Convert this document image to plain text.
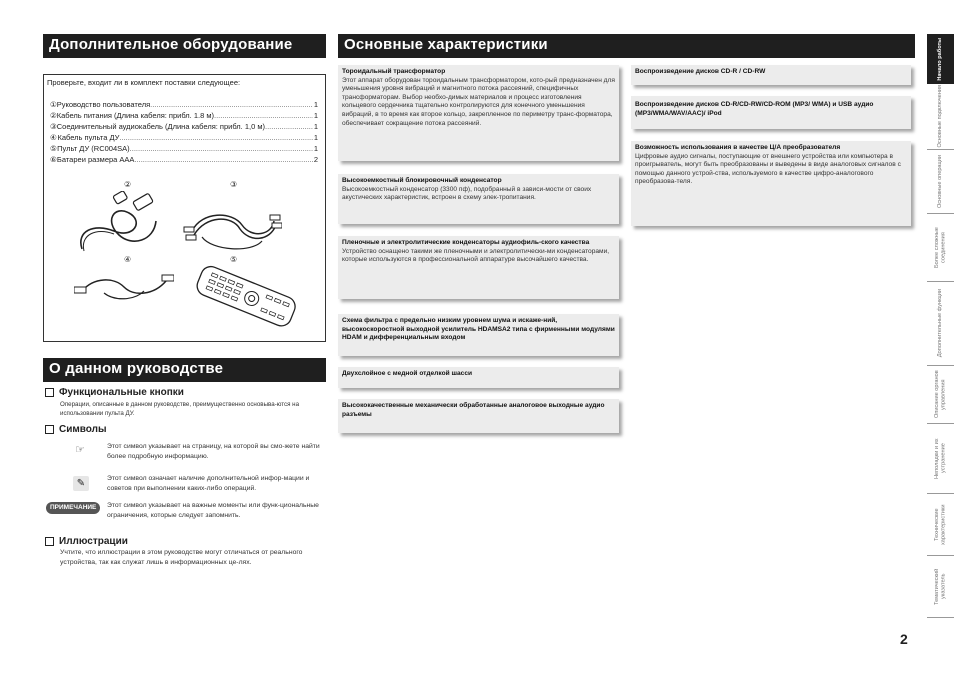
Дополнительное оборудование
Проверьте, входит ли в комплект поставки следующее:
① Руководство пользователя .....	1
② Кабель питания (Длина кабеля: прибл. 1.8 м) .....	1
③ Соединительный аудиокабель (Длина кабеля: прибл. 1,0 м) .....	1
④ Кабель пульта ДУ .....	1
⑤ Пульт ДУ (RC004SA) .....	1
⑥ Батареи размера AAA .....	2
②	③
④	⑤
О данном руководстве
Функциональные кнопки
Операции, описанные в данном руководстве, преимущественно основыва-ются на использовании пульта ДУ.
Символы
☞	Этот символ указывает на страницу, на которой вы смо-жете найти более подробную информацию.
✎	Этот символ означает наличие дополнительной инфор-мации и советов при выполнении каких-либо операций.
ПРИМЕЧАНИЕ	Этот символ указывает на важные моменты или функ-циональные ограничения, которые следует запомнить.
Иллюстрации
Учтите, что иллюстрации в этом руководстве могут отличаться от реального устройства, так как служат лишь в информационных це-лях.
Основные характеристики
Тороидальный трансформатор
Этот аппарат оборудован тороидальным трансформатором, кото-рый предназначен для уменьшения уровня вибраций и магнитного потока рассеяний, специфичных трансформаторам. Выбор необхо-димых материалов и процесс изготовления кольцевого сердечника тщательно контролируются для конечного уменьшения вибраций, в то время как второе кольцо, закрепленное по периметру транс-форматора, обеспечивает сокращение потока рассеяний.
Высокоемкостный блокировочный конденсатор
Высокоемкостный конденсатор (3300 пф), подобранный в зависи-мости от своих акустических характеристик, встроен в схему элек-тропитания.
Пленочные и электролитические конденсаторы аудиофиль-ского качества
Устройство оснащено такими же пленочными и электролитически-ми конденсаторами, которые используются в профессиональной аппаратуре высочайшего качества.
Схема фильтра с предельно низким уровнем шума и искаже-ний, высокоскоростной выходной усилитель HDAMSA2 типа с фирменными модулями HDAM и дифференциальным входом
Двухслойное с медной отделкой шасси
Высококачественные механически обработанные аналоговое выходные аудио разъемы
Воспроизведение дисков CD-R / CD-RW
Воспроизведение дисков CD-R/CD-RW/CD-ROM (MP3/ WMA) и USB аудио (MP3/WMA/WAV/AAC)/ iPod
Возможность использования в качестве Ц/А преобразователя
Цифровые аудио сигналы, поступающие от внешнего устройства или компьютера в проигрыватель, могут быть преобразованы и выведены в виде аналоговых сигналов с помощью данного устрой-ства, используемого в качестве цифро-аналогового преобразова-теля.
Начало работы
Основные подключения
Основные операции
Более сложные соединения
Дополнительные функции
Описание органов управления
Неполадки и их устранение
Технические характеристики
Тематический указатель
2
